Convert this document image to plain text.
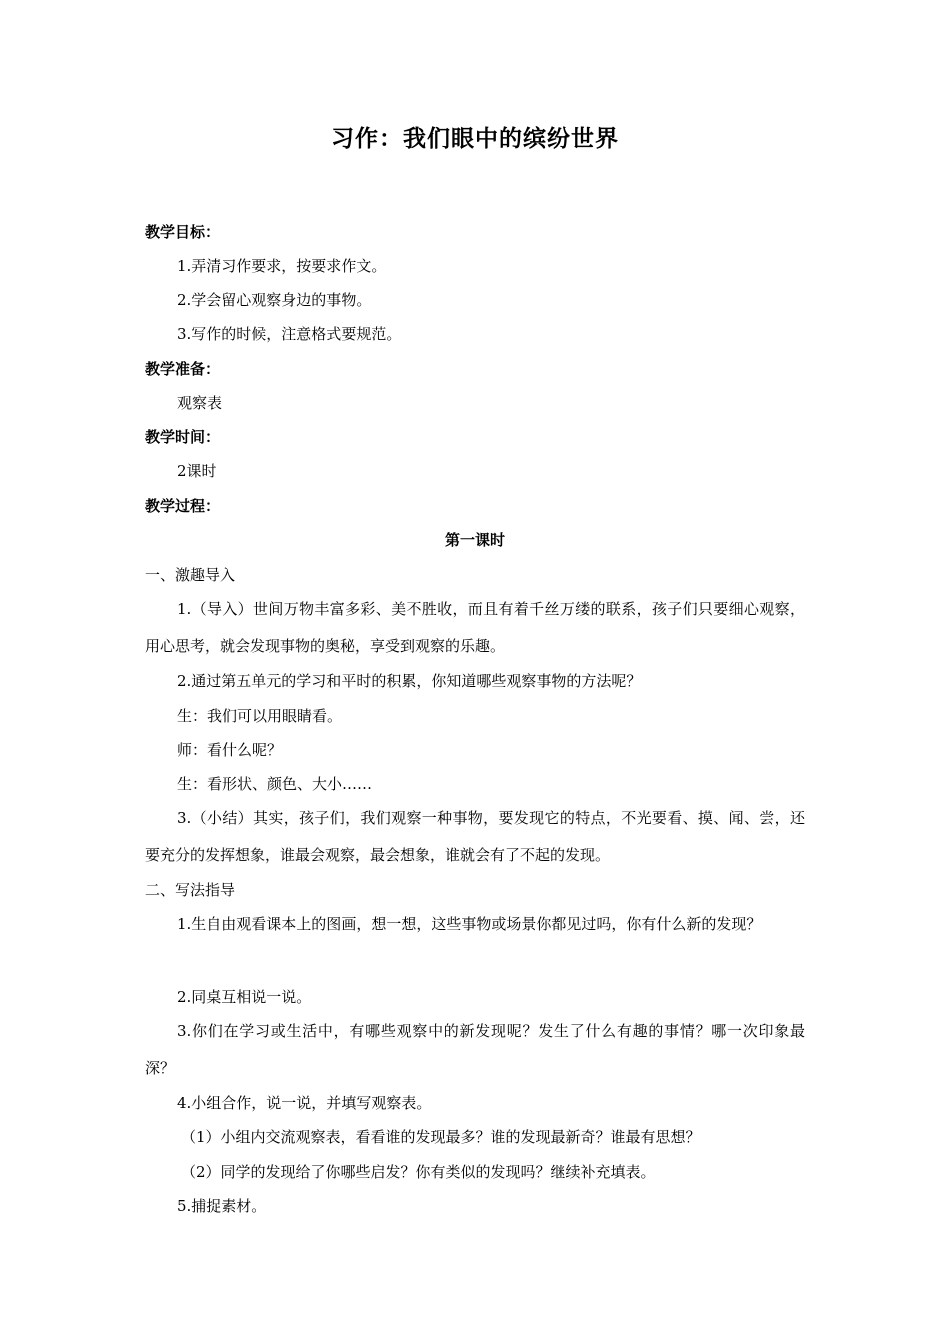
习作：我们眼中的缤纷世界
教学目标：
1.弄清习作要求，按要求作文。
2.学会留心观察身边的事物。
3.写作的时候，注意格式要规范。
教学准备：
观察表
教学时间：
2课时
教学过程：
第一课时
一、激趣导入
1.（导入）世间万物丰富多彩、美不胜收，而且有着千丝万缕的联系，孩子们只要细心观察，用心思考，就会发现事物的奥秘，享受到观察的乐趣。
2.通过第五单元的学习和平时的积累，你知道哪些观察事物的方法呢？
生：我们可以用眼睛看。
师：看什么呢？
生：看形状、颜色、大小……
3.（小结）其实，孩子们，我们观察一种事物，要发现它的特点，不光要看、摸、闻、尝，还要充分的发挥想象，谁最会观察，最会想象，谁就会有了不起的发现。
二、写法指导
1.生自由观看课本上的图画，想一想，这些事物或场景你都见过吗，你有什么新的发现？
2.同桌互相说一说。
3.你们在学习或生活中，有哪些观察中的新发现呢？发生了什么有趣的事情？哪一次印象最深？
4.小组合作，说一说，并填写观察表。
（1）小组内交流观察表，看看谁的发现最多？谁的发现最新奇？谁最有思想？
（2）同学的发现给了你哪些启发？你有类似的发现吗？继续补充填表。
5.捕捉素材。
